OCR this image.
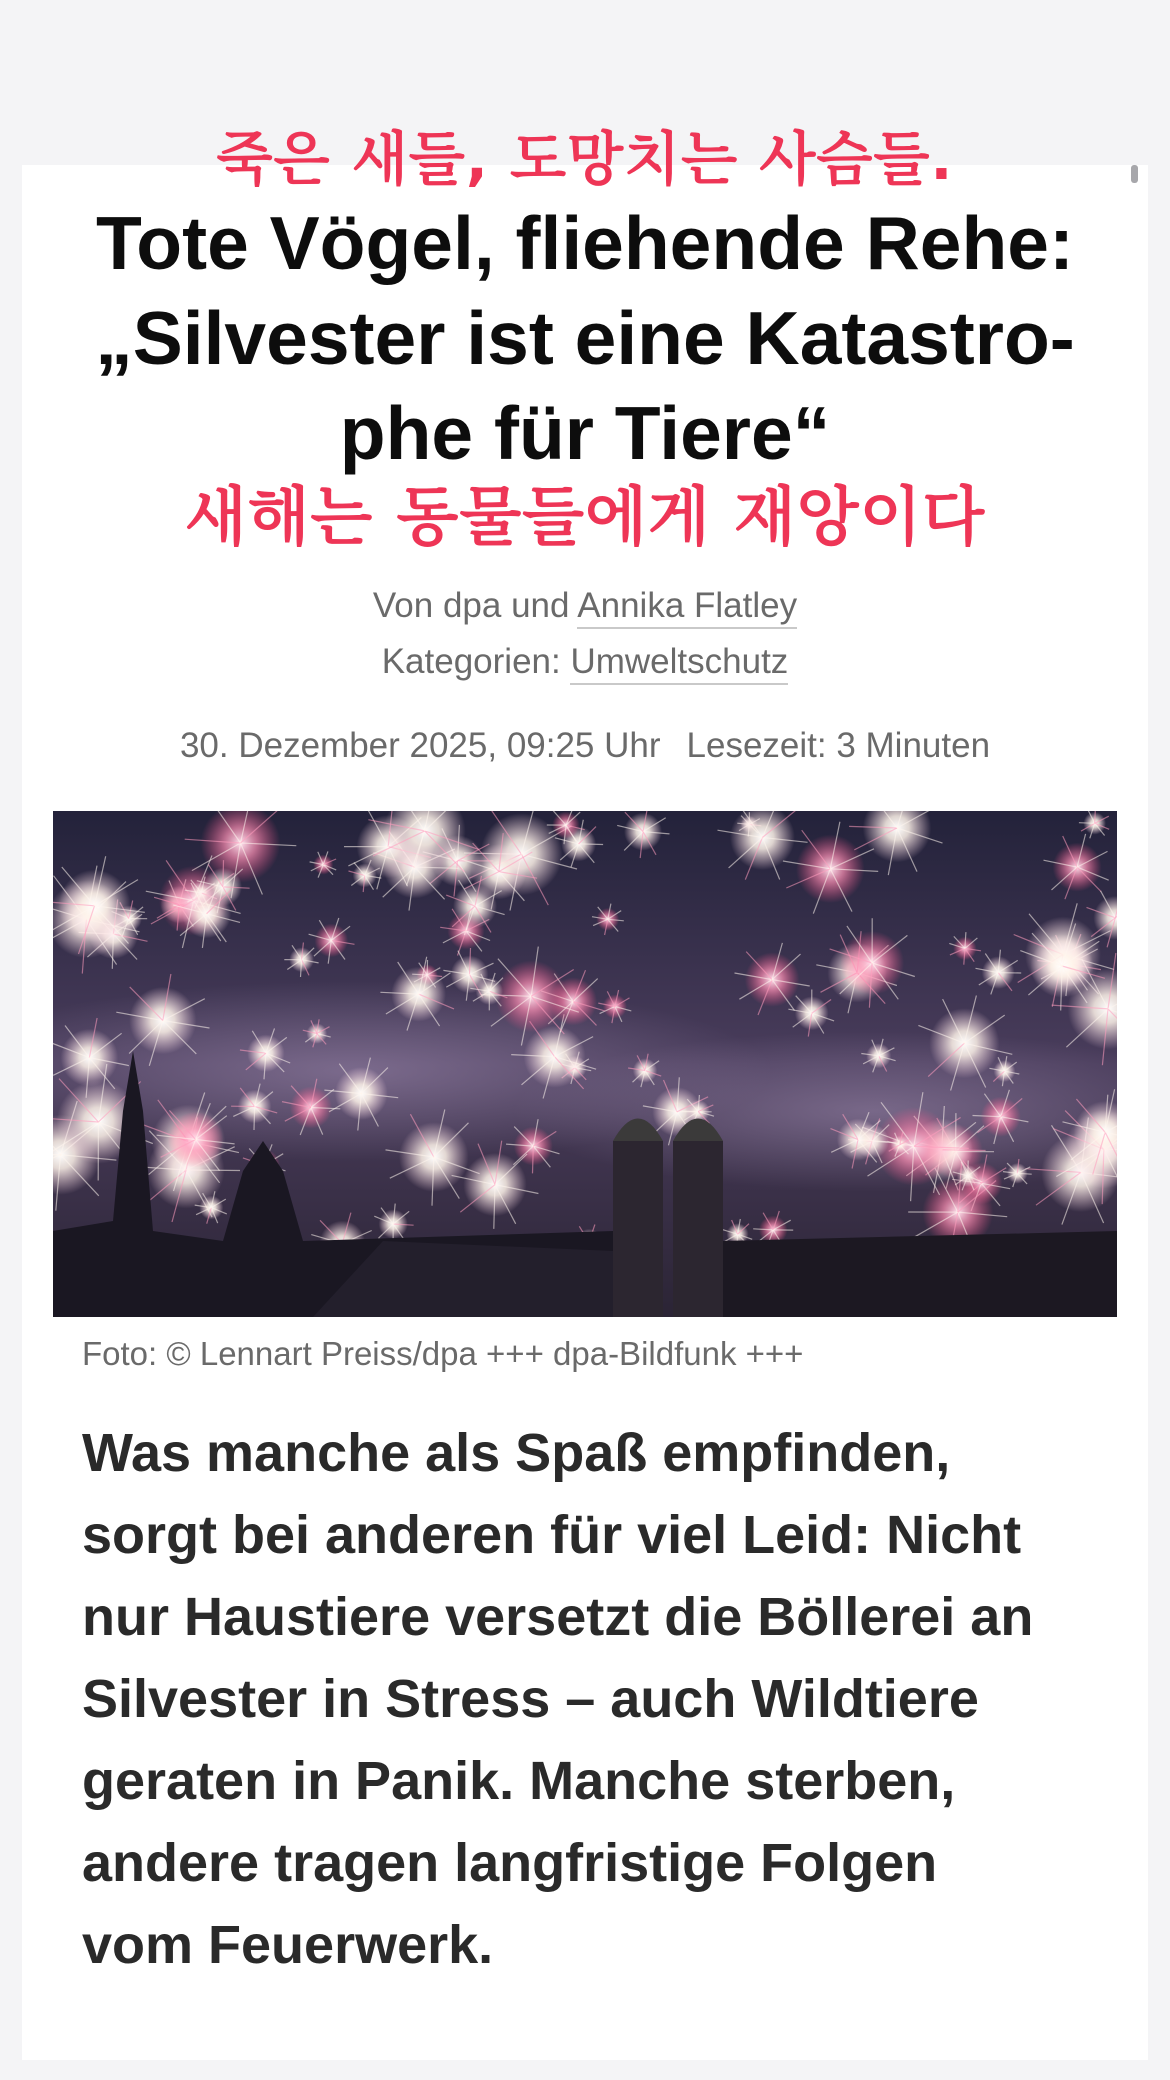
죽은 새들, 도망치는 사슴들.
Tote Vögel, fliehende Rehe:
„Silvester ist eine Katastro-
phe für Tiere“
새해는 동물들에게 재앙이다
Von dpa und Annika Flatley
Kategorien: Umweltschutz
30. Dezember 2025, 09:25 Uhr Lesezeit: 3 Minuten
Foto: © Lennart Preiss/dpa +++ dpa-Bildfunk +++

Was manche als Spaß empfinden,
sorgt bei anderen für viel Leid: Nicht
nur Haustiere versetzt die Böllerei an
Silvester in Stress – auch Wildtiere
geraten in Panik. Manche sterben,
andere tragen langfristige Folgen
vom Feuerwerk.
